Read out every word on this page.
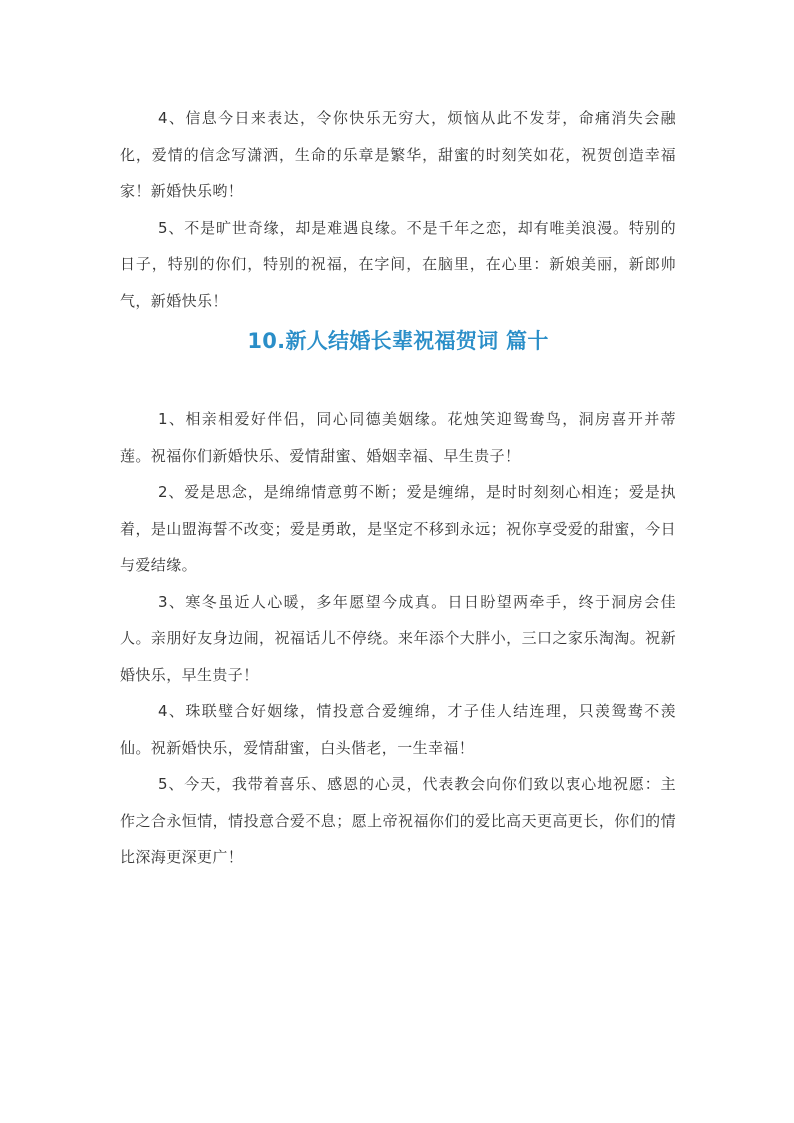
4、信息今日来表达，令你快乐无穷大，烦恼从此不发芽，命痛消失会融化，爱情的信念写潇洒，生命的乐章是繁华，甜蜜的时刻笑如花，祝贺创造幸福家！新婚快乐哟！

5、不是旷世奇缘，却是难遇良缘。不是千年之恋，却有唯美浪漫。特别的日子，特别的你们，特别的祝福，在字间，在脑里，在心里：新娘美丽，新郎帅气，新婚快乐！

10.新人结婚长辈祝福贺词 篇十

1、相亲相爱好伴侣，同心同德美姻缘。花烛笑迎鸳鸯鸟，洞房喜开并蒂莲。祝福你们新婚快乐、爱情甜蜜、婚姻幸福、早生贵子！

2、爱是思念，是绵绵情意剪不断；爱是缠绵，是时时刻刻心相连；爱是执着，是山盟海誓不改变；爱是勇敢，是坚定不移到永远；祝你享受爱的甜蜜，今日与爱结缘。

3、寒冬虽近人心暖，多年愿望今成真。日日盼望两牵手，终于洞房会佳人。亲朋好友身边闹，祝福话儿不停绕。来年添个大胖小，三口之家乐淘淘。祝新婚快乐，早生贵子！

4、珠联璧合好姻缘，情投意合爱缠绵，才子佳人结连理，只羡鸳鸯不羡仙。祝新婚快乐，爱情甜蜜，白头偕老，一生幸福！

5、今天，我带着喜乐、感恩的心灵，代表教会向你们致以衷心地祝愿：主作之合永恒情，情投意合爱不息；愿上帝祝福你们的爱比高天更高更长，你们的情比深海更深更广！
